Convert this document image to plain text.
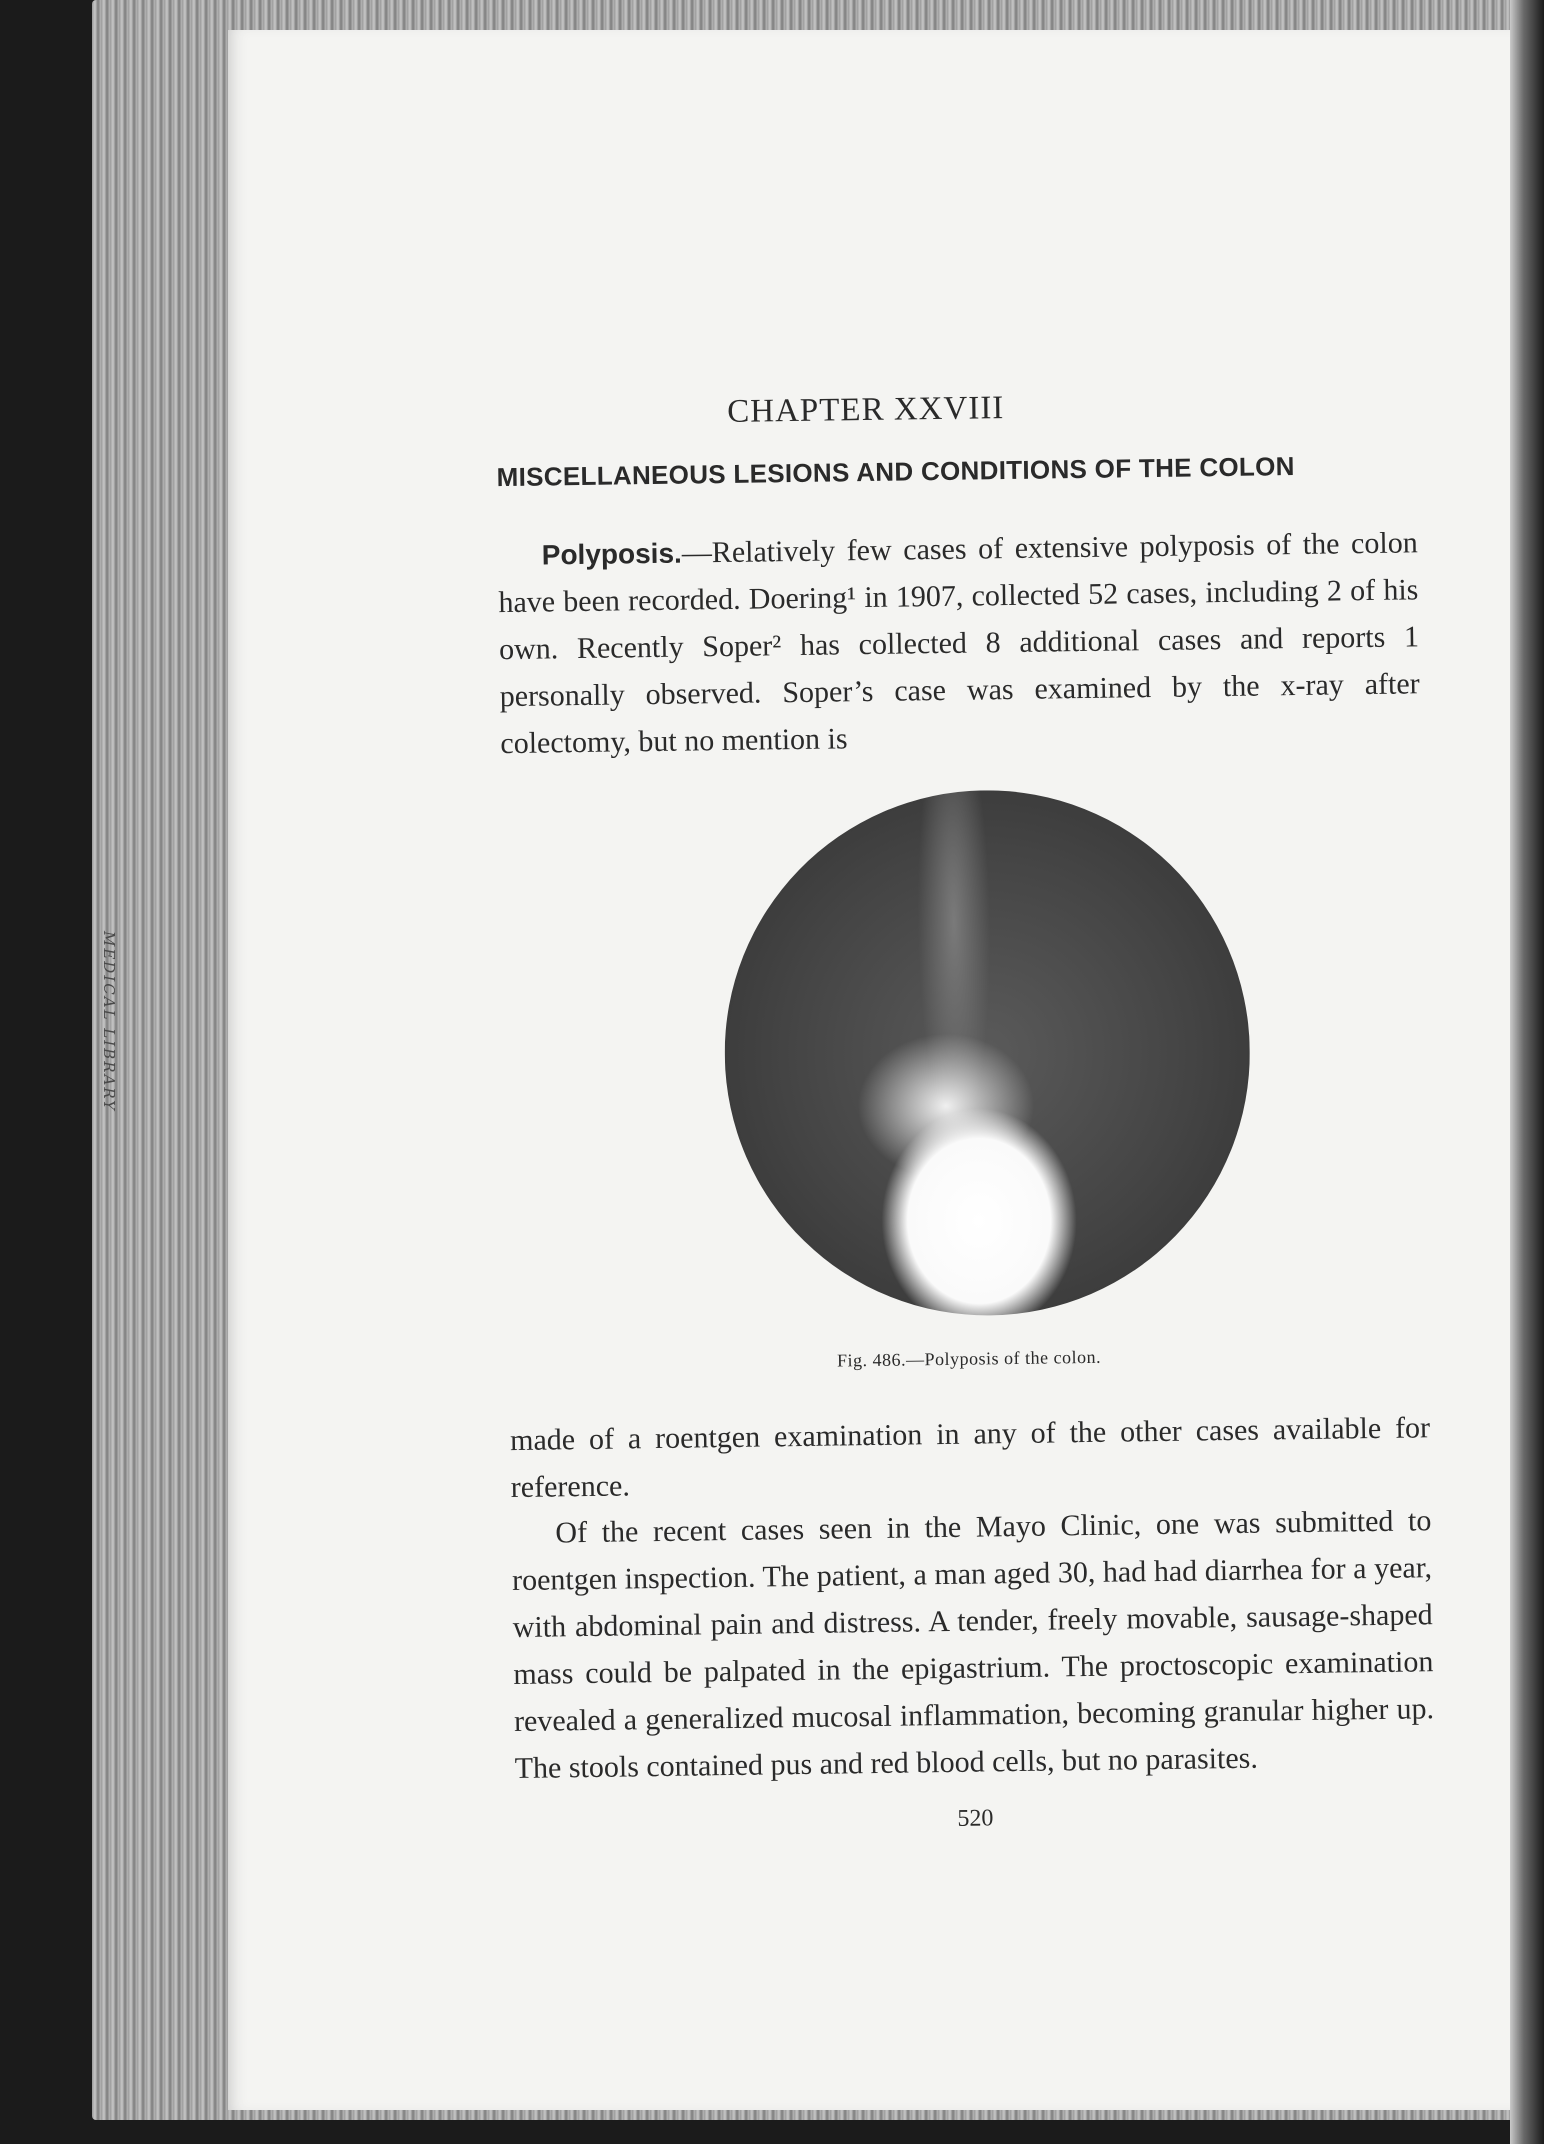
MEDICAL LIBRARY
CHAPTER XXVIII
MISCELLANEOUS LESIONS AND CONDITIONS OF THE COLON
Polyposis.—Relatively few cases of extensive polyposis of the colon have been recorded. Doering¹ in 1907, collected 52 cases, including 2 of his own. Recently Soper² has collected 8 additional cases and reports 1 personally observed. Soper’s case was examined by the x-ray after colectomy, but no mention is
Fig. 486.—Polyposis of the colon.
made of a roentgen examination in any of the other cases available for reference.
Of the recent cases seen in the Mayo Clinic, one was submitted to roentgen inspection. The patient, a man aged 30, had had diarrhea for a year, with abdominal pain and distress. A tender, freely movable, sausage-shaped mass could be palpated in the epigastrium. The proctoscopic examination revealed a generalized mucosal inflammation, becoming granular higher up. The stools contained pus and red blood cells, but no parasites.
520
